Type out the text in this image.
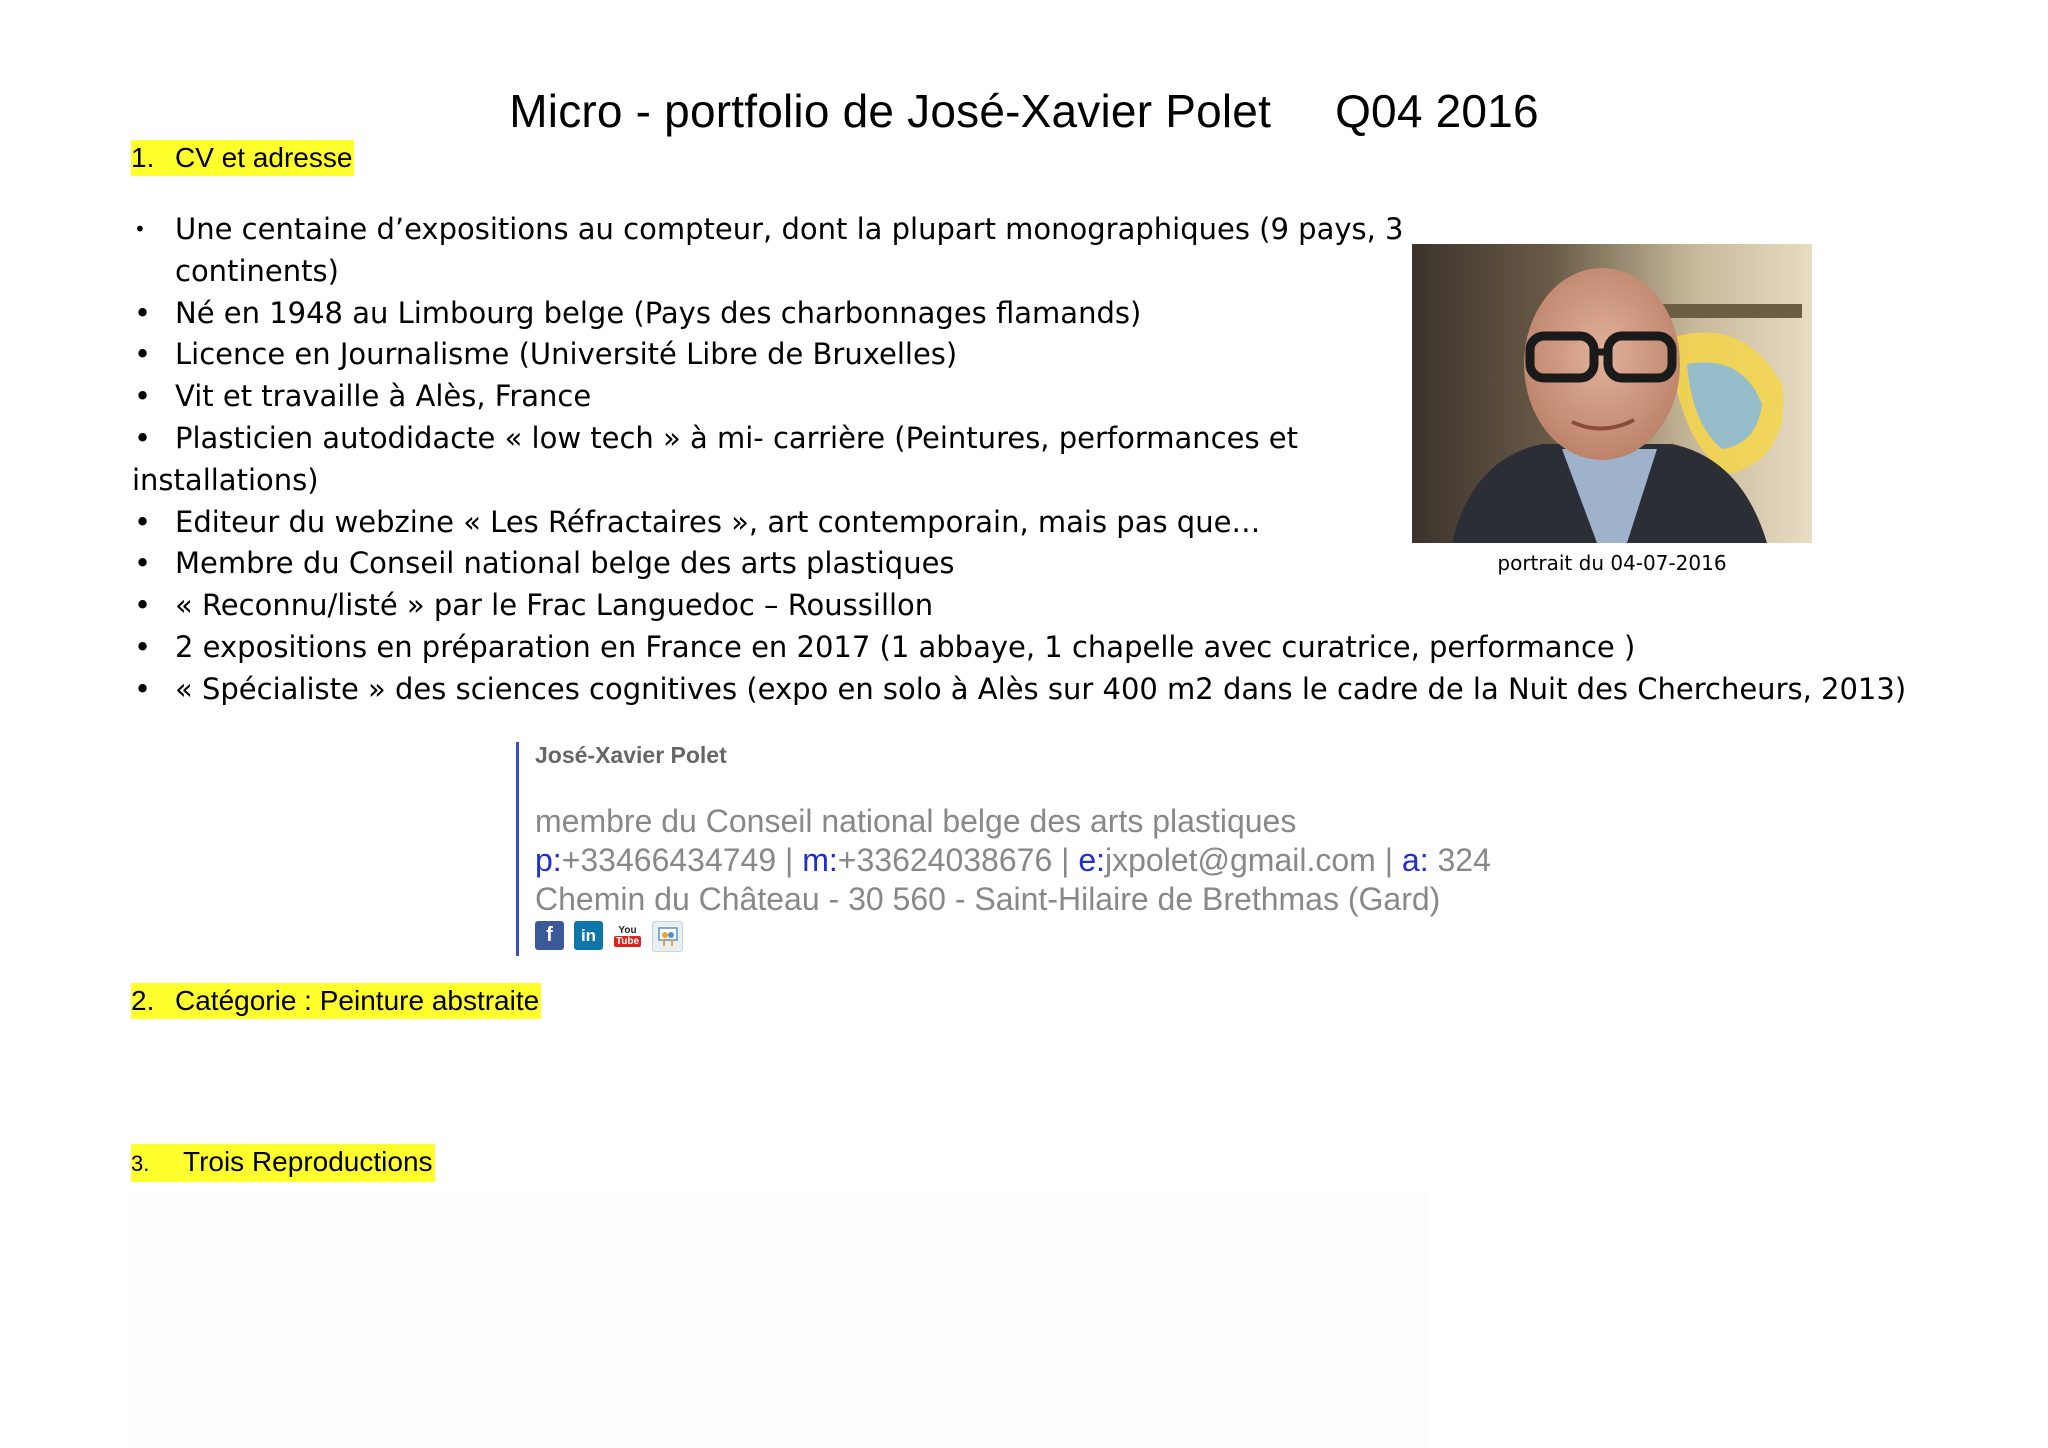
Micro - portfolio de José-Xavier Polet Q04 2016
1. CV et adresse
• Une centaine d’expositions au compteur, dont la plupart monographiques (9 pays, 3
continents)
• Né en 1948 au Limbourg belge (Pays des charbonnages flamands)
• Licence en Journalisme (Université Libre de Bruxelles)
• Vit et travaille à Alès, France
• Plasticien autodidacte « low tech » à mi- carrière (Peintures, performances et
installations)
• Editeur du webzine « Les Réfractaires », art contemporain, mais pas que…
• Membre du Conseil national belge des arts plastiques
• « Reconnu/listé » par le Frac Languedoc – Roussillon
• 2 expositions en préparation en France en 2017 (1 abbaye, 1 chapelle avec curatrice, performance )
• « Spécialiste » des sciences cognitives (expo en solo à Alès sur 400 m2 dans le cadre de la Nuit des Chercheurs, 2013)
portrait du 04-07-2016
José-Xavier Polet
membre du Conseil national belge des arts plastiques
p:+33466434749 | m:+33624038676 | e:jxpolet@gmail.com | a: 324
Chemin du Château - 30 560 - Saint-Hilaire de Brethmas (Gard)
f in You
Tube
2. Catégorie : Peinture abstraite
3. Trois Reproductions
